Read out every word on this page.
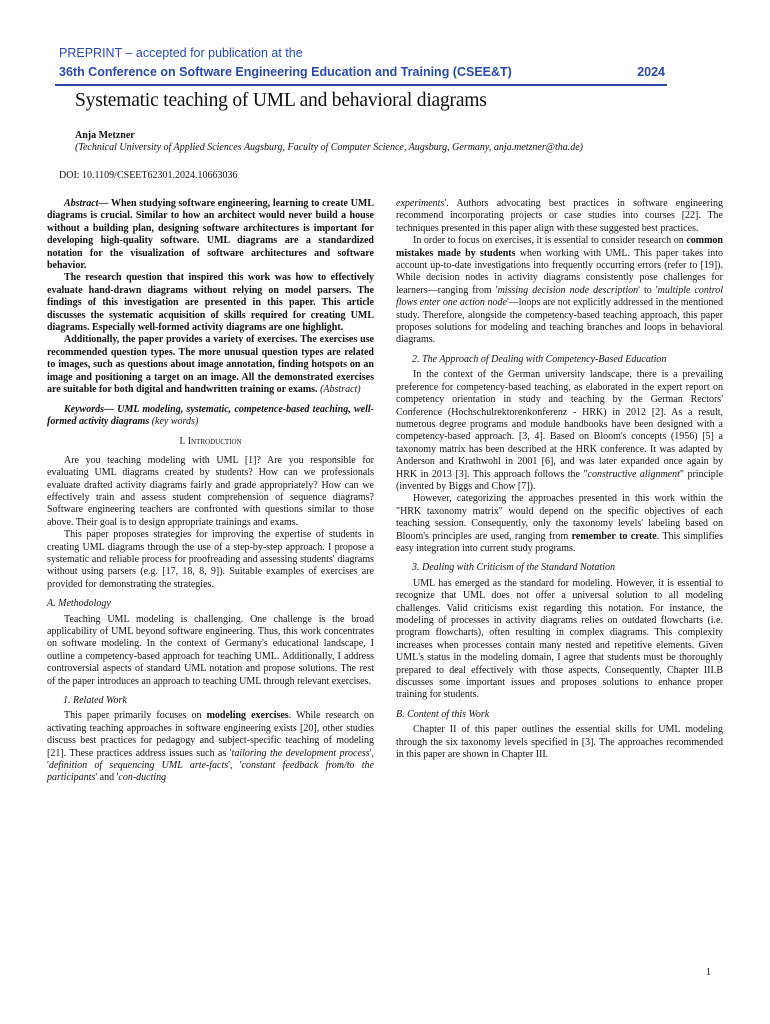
PREPRINT – accepted for publication at the
36th Conference on Software Engineering Education and Training (CSEE&T)	2024
Systematic teaching of UML and behavioral diagrams
Anja Metzner
(Technical University of Applied Sciences Augsburg, Faculty of Computer Science, Augsburg, Germany, anja.metzner@tha.de)
DOI: 10.1109/CSEET62301.2024.10663036

Abstract— When studying software engineering, learning to create UML diagrams is crucial. Similar to how an architect would never build a house without a building plan, designing software architectures is important for developing high-quality software. UML diagrams are a standardized notation for the visualization of software architectures and software behavior.

The research question that inspired this work was how to effectively evaluate hand-drawn diagrams without relying on model parsers. The findings of this investigation are presented in this paper. This article discusses the systematic acquisition of skills required for creating UML diagrams. Especially well-formed activity diagrams are one highlight.

Additionally, the paper provides a variety of exercises. The exercises use recommended question types. The more unusual question types are related to images, such as questions about image annotation, finding hotspots on an image and positioning a target on an image. All the demonstrated exercises are suitable for both digital and handwritten training or exams. (Abstract)

Keywords— UML modeling, systematic, competence-based teaching, well-formed activity diagrams (key words)

I. Introduction

Are you teaching modeling with UML [1]? Are you responsible for evaluating UML diagrams created by students? How can we professionals evaluate drafted activity diagrams fairly and grade appropriately? How can we effectively train and assess student comprehension of sequence diagrams? Software engineering teachers are confronted with questions similar to those above. Their goal is to design appropriate trainings and exams.

This paper proposes strategies for improving the expertise of students in creating UML diagrams through the use of a step-by-step approach. I propose a systematic and reliable process for proofreading and assessing students' diagrams without using parsers (e.g. [17, 18, 8, 9]). Suitable examples of exercises are provided for demonstrating the strategies.

A. Methodology

Teaching UML modeling is challenging. One challenge is the broad applicability of UML beyond software engineering. Thus, this work concentrates on software modeling. In the context of Germany's educational landscape, I outline a competency-based approach for teaching UML. Additionally, I address controversial aspects of standard UML notation and propose solutions. The rest of the paper introduces an approach to teaching UML through relevant exercises.

1. Related Work

This paper primarily focuses on modeling exercises. While research on activating teaching approaches in software engineering exists [20], other studies discuss best practices for pedagogy and subject-specific teaching of modeling [21]. These practices address issues such as 'tailoring the development process', 'definition of sequencing UML arte-facts', 'constant feedback from/to the participants' and 'con-ducting

experiments'. Authors advocating best practices in software engineering recommend incorporating projects or case studies into courses [22]. The techniques presented in this paper align with these suggested best practices.

In order to focus on exercises, it is essential to consider research on common mistakes made by students when working with UML. This paper takes into account up-to-date investigations into frequently occurring errors (refer to [19]). While decision nodes in activity diagrams consistently pose challenges for learners—ranging from 'missing decision node description' to 'multiple control flows enter one action node'—loops are not explicitly addressed in the mentioned study. Therefore, alongside the competency-based teaching approach, this paper proposes solutions for modeling and teaching branches and loops in behavioral diagrams.

2. The Approach of Dealing with Competency-Based Education

In the context of the German university landscape, there is a prevailing preference for competency-based teaching, as elaborated in the expert report on competency orientation in study and teaching by the German Rectors' Conference (Hochschulrektorenkonferenz - HRK) in 2012 [2]. As a result, numerous degree programs and module handbooks have been designed with a competency-based approach. [3, 4]. Based on Bloom's concepts (1956) [5] a taxonomy matrix has been described at the HRK conference. It was adapted by Anderson and Krathwohl in 2001 [6], and was later expanded once again by HRK in 2013 [3]. This approach follows the "constructive alignment" principle (invented by Biggs and Chow [7]).

However, categorizing the approaches presented in this work within the "HRK taxonomy matrix" would depend on the specific objectives of each teaching session. Consequently, only the taxonomy levels' labeling based on Bloom's principles are used, ranging from remember to create. This simplifies easy integration into current study programs.

3. Dealing with Criticism of the Standard Notation

UML has emerged as the standard for modeling. However, it is essential to recognize that UML does not offer a universal solution to all modeling challenges. Valid criticisms exist regarding this notation. For instance, the modeling of processes in activity diagrams relies on outdated flowcharts (i.e. program flowcharts), often resulting in complex diagrams. This complexity increases when processes contain many nested and repetitive elements. Given UML's status in the modeling domain, I agree that students must be thoroughly prepared to deal effectively with those aspects. Consequently, Chapter III.B discusses some important issues and proposes solutions to enhance proper training for students.

B. Content of this Work

Chapter II of this paper outlines the essential skills for UML modeling through the six taxonomy levels specified in [3]. The approaches recommended in this paper are shown in Chapter III.

1
